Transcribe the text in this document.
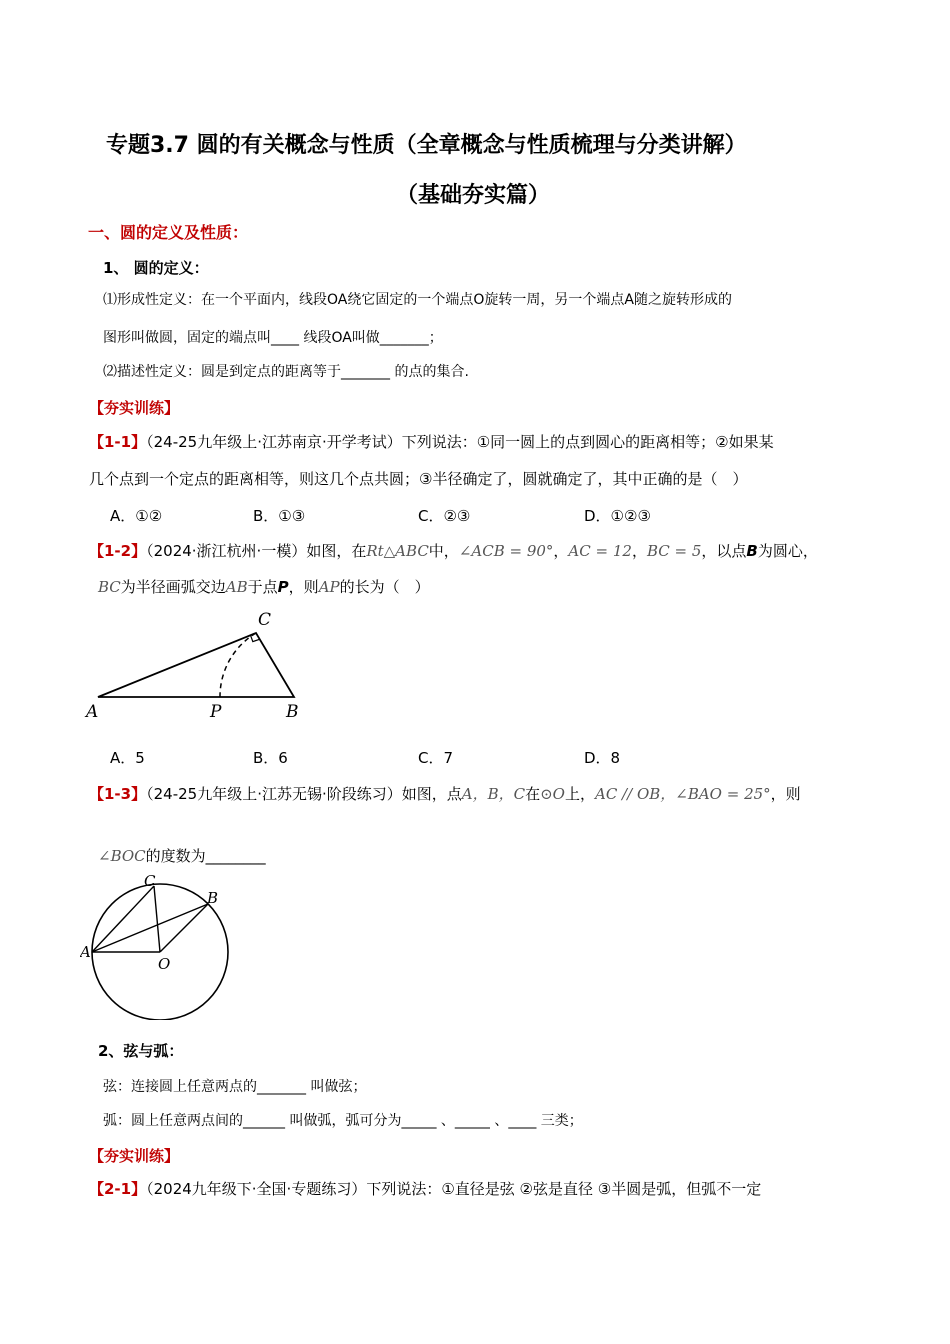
专题3.7 圆的有关概念与性质（全章概念与性质梳理与分类讲解）
（基础夯实篇）
一、圆的定义及性质：
1、 圆的定义：
⑴形成性定义：在一个平面内，线段OA绕它固定的一个端点O旋转一周，另一个端点A随之旋转形成的
图形叫做圆，固定的端点叫____ 线段OA叫做_______；
⑵描述性定义：圆是到定点的距离等于_______ 的点的集合.
【夯实训练】
【1-1】（24-25九年级上·江苏南京·开学考试）下列说法：①同一圆上的点到圆心的距离相等；②如果某
几个点到一个定点的距离相等，则这几个点共圆；③半径确定了，圆就确定了，其中正确的是（　）
A．①②	B．①③	C．②③	D．①②③
【1-2】（2024·浙江杭州·一模）如图，在Rt△ABC中，∠ACB = 90°，AC = 12，BC = 5，以点B为圆心，
BC为半径画弧交边AB于点P，则AP的长为（　）
A	P	B
C
A．5	B．6	C．7	D．8
【1-3】（24-25九年级上·江苏无锡·阶段练习）如图，点A，B，C在⊙O上，AC // OB，∠BAO = 25°，则
∠BOC的度数为________
C
B
A
O
2、弦与弧：
弦：连接圆上任意两点的_______ 叫做弦；
弧：圆上任意两点间的______ 叫做弧，弧可分为_____ 、_____ 、____ 三类；
【夯实训练】
【2-1】（2024九年级下·全国·专题练习）下列说法：①直径是弦 ②弦是直径 ③半圆是弧，但弧不一定
